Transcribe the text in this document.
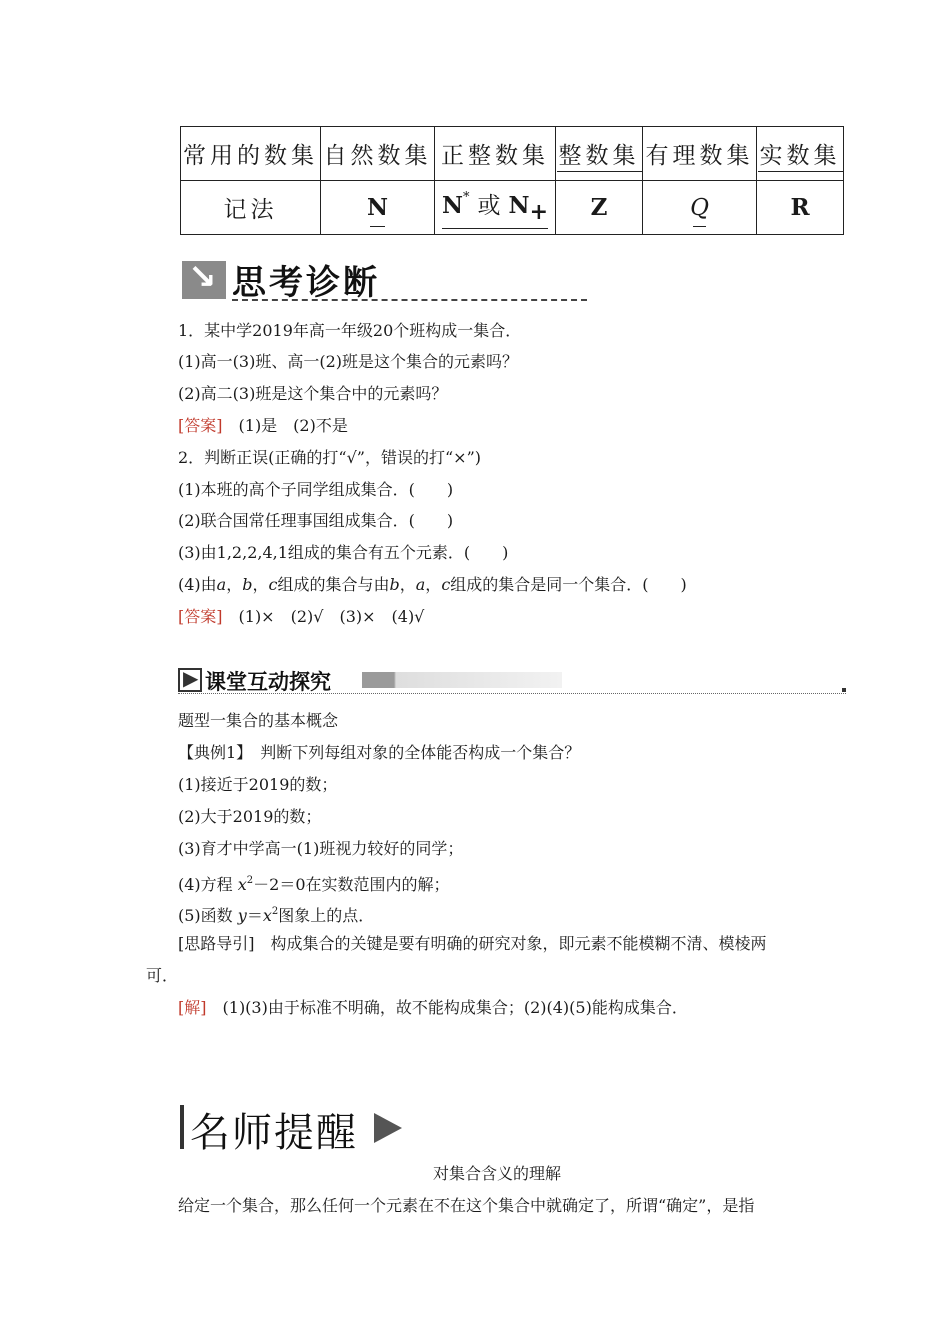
常用的数集	自然数集	正整数集	整数集	有理数集	实数集
记法	N	N* 或 $N_+$	Z	Q	R
↘ 思考诊断
1．某中学2019年高一年级20个班构成一集合．
(1)高一(3)班、高一(2)班是这个集合的元素吗？
(2)高二(3)班是这个集合中的元素吗？
[答案]　 (1)是　(2)不是
2．判断正误(正确的打“√”，错误的打“×”)
(1)本班的高个子同学组成集合．(　　)
(2)联合国常任理事国组成集合．(　　)
(3)由1,2,2,4,1组成的集合有五个元素．(　　)
(4)由a，b，c组成的集合与由b，a，c组成的集合是同一个集合．(　　)
[答案]　 (1)×　(2)√　(3)×　(4)√
▶ 课堂互动探究
题型一集合的基本概念
【典例1】　 判断下列每组对象的全体能否构成一个集合？
(1)接近于2019的数；
(2)大于2019的数；
(3)育才中学高一(1)班视力较好的同学；
(4)方程 $x^2-2=0$在实数范围内的解；
(5)函数 $y=x^2$图象上的点．
[思路导引]　 构成集合的关键是要有明确的研究对象，即元素不能模糊不清、模棱两
可．
[解]　 (1)(3)由于标准不明确，故不能构成集合；(2)(4)(5)能构成集合．
名师提醒
对集合含义的理解
给定一个集合，那么任何一个元素在不在这个集合中就确定了，所谓“确定”，是指
